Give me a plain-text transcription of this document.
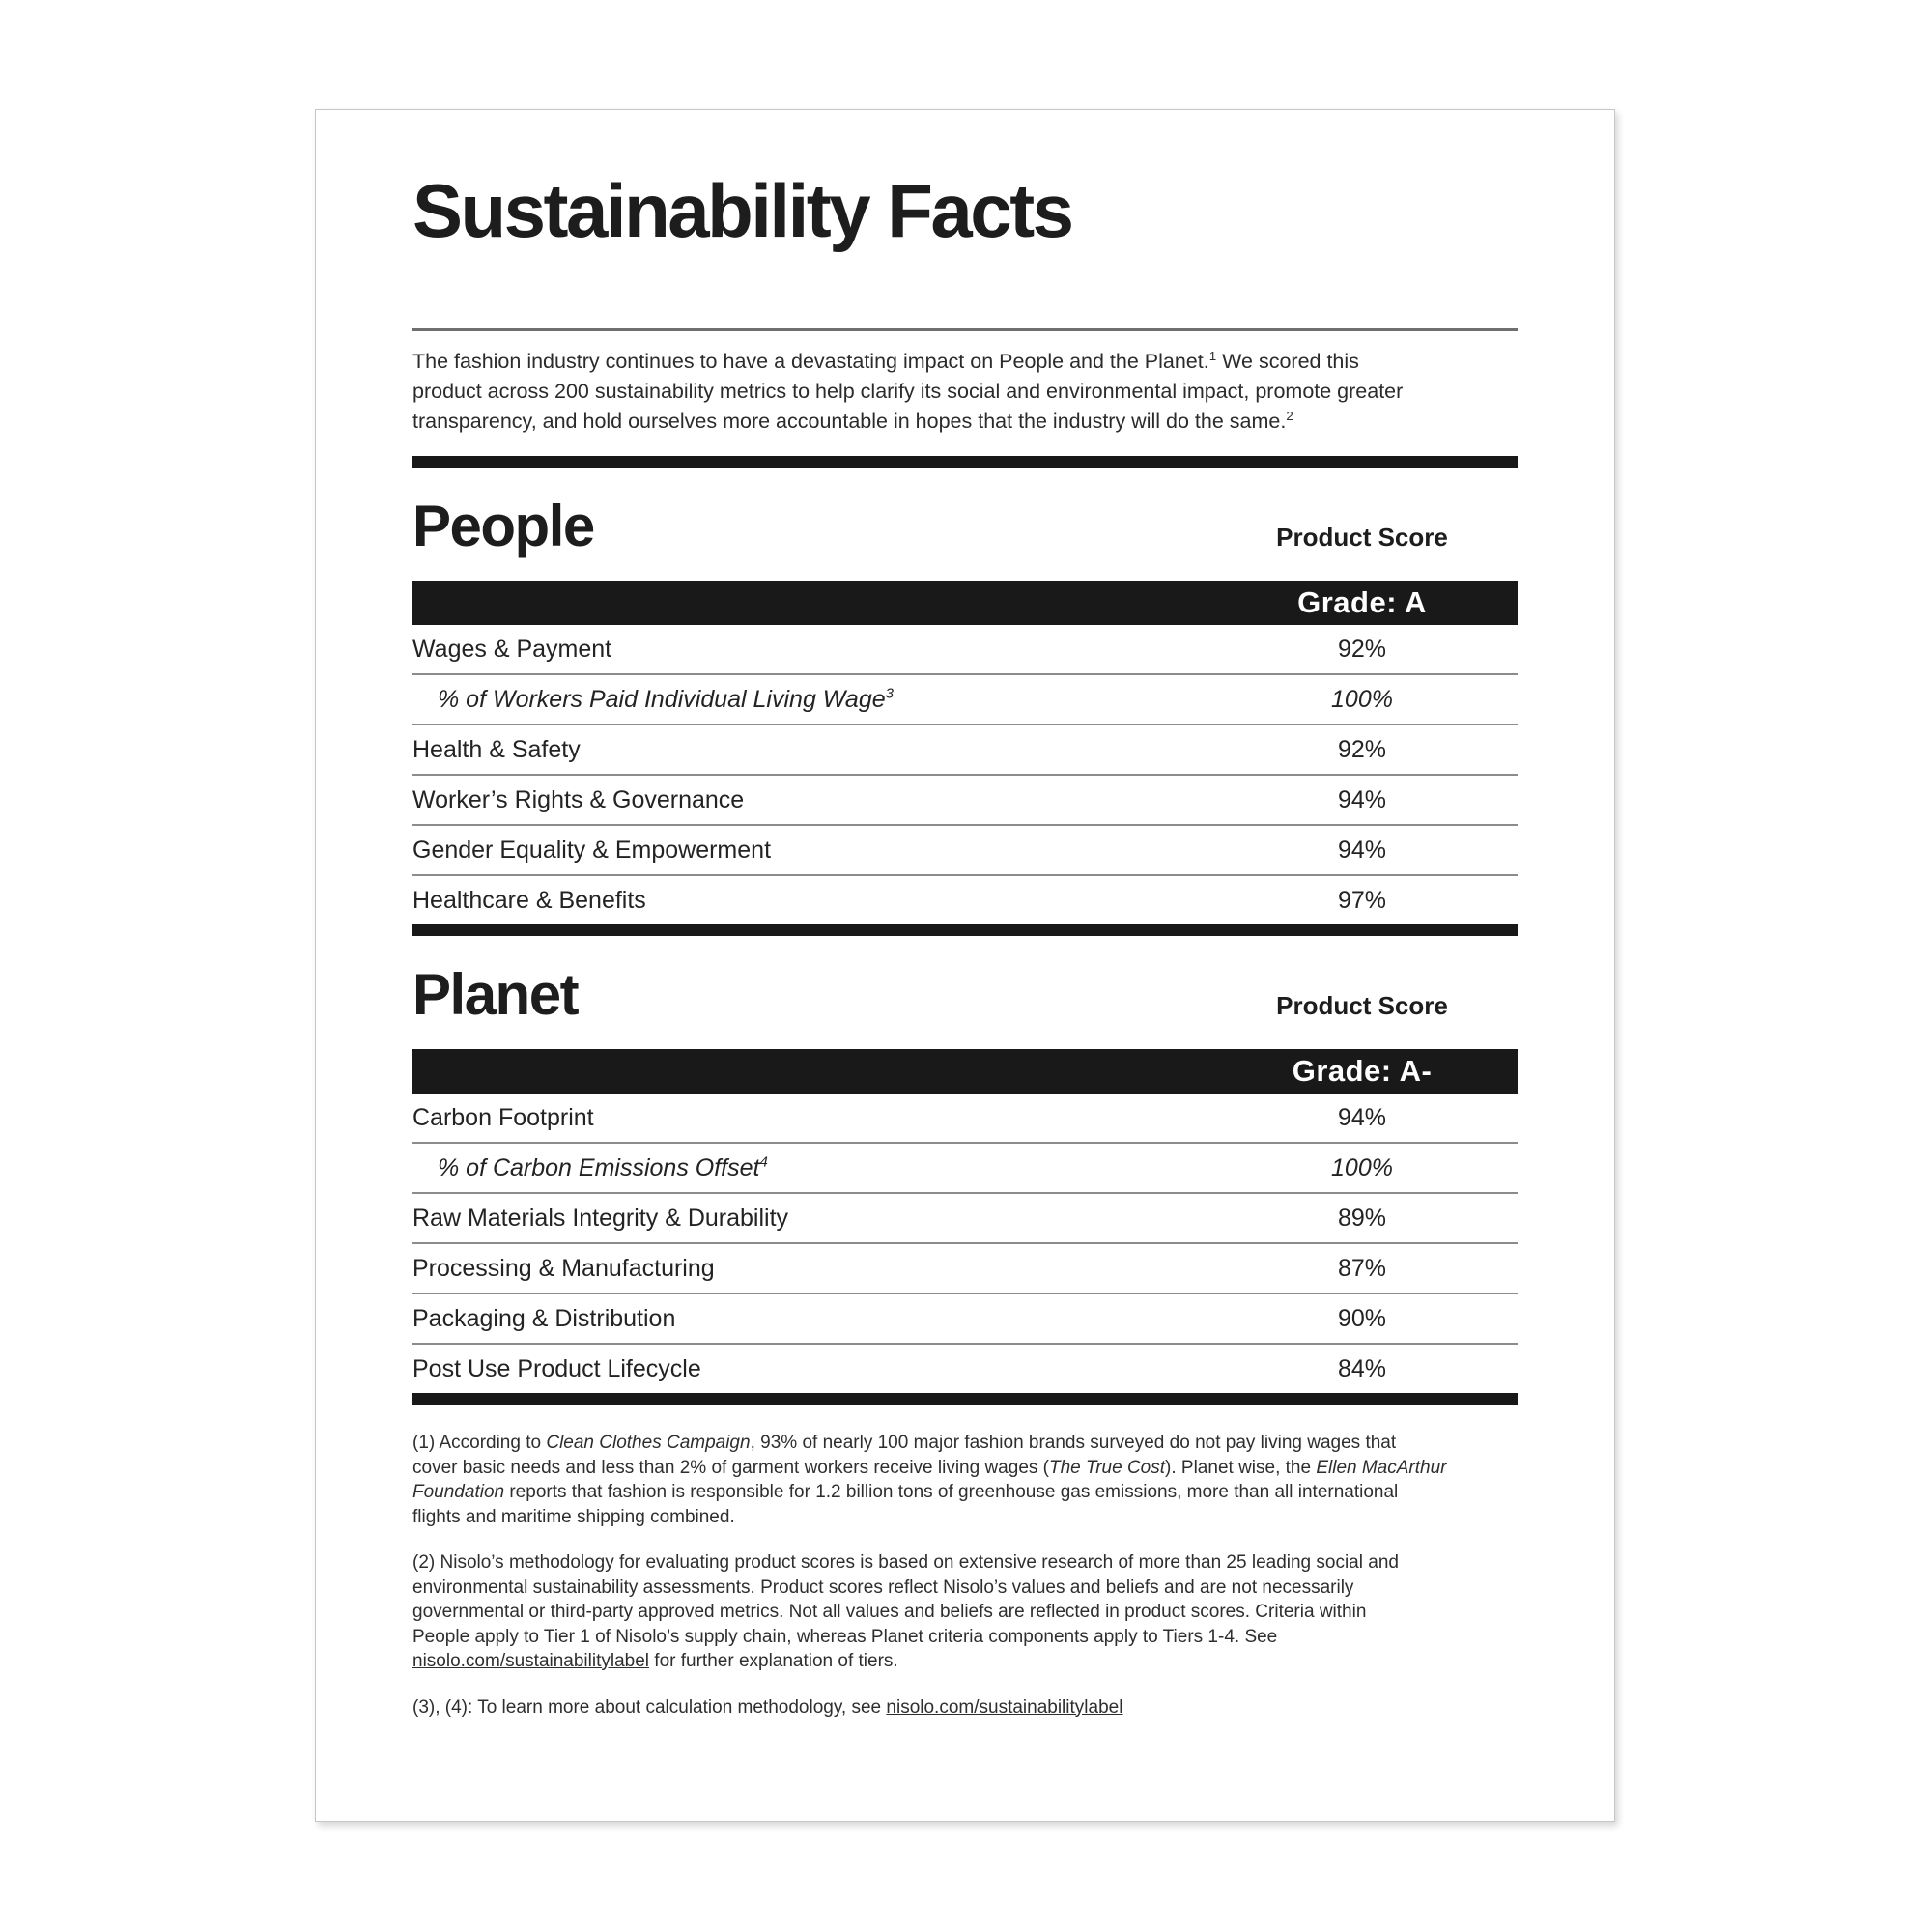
Sustainability Facts

The fashion industry continues to have a devastating impact on People and the Planet.$^1$ We scored this
product across 200 sustainability metrics to help clarify its social and environmental impact, promote greater
transparency, and hold ourselves more accountable in hopes that the industry will do the same.$^2$

People	Product Score
Grade: A
Wages & Payment	92%
% of Workers Paid Individual Living Wage$^3$	100%
Health & Safety	92%
Worker’s Rights & Governance	94%
Gender Equality & Empowerment	94%
Healthcare & Benefits	97%
Planet	Product Score
Grade: A-
Carbon Footprint	94%
% of Carbon Emissions Offset$^4$	100%
Raw Materials Integrity & Durability	89%
Processing & Manufacturing	87%
Packaging & Distribution	90%
Post Use Product Lifecycle	84%

(1) According to Clean Clothes Campaign, 93% of nearly 100 major fashion brands surveyed do not pay living wages that
cover basic needs and less than 2% of garment workers receive living wages (The True Cost). Planet wise, the Ellen MacArthur
Foundation reports that fashion is responsible for 1.2 billion tons of greenhouse gas emissions, more than all international
flights and maritime shipping combined.

(2) Nisolo’s methodology for evaluating product scores is based on extensive research of more than 25 leading social and
environmental sustainability assessments. Product scores reflect Nisolo’s values and beliefs and are not necessarily
governmental or third-party approved metrics. Not all values and beliefs are reflected in product scores. Criteria within
People apply to Tier 1 of Nisolo’s supply chain, whereas Planet criteria components apply to Tiers 1-4. See
nisolo.com/sustainabilitylabel for further explanation of tiers.

(3), (4): To learn more about calculation methodology, see nisolo.com/sustainabilitylabel
